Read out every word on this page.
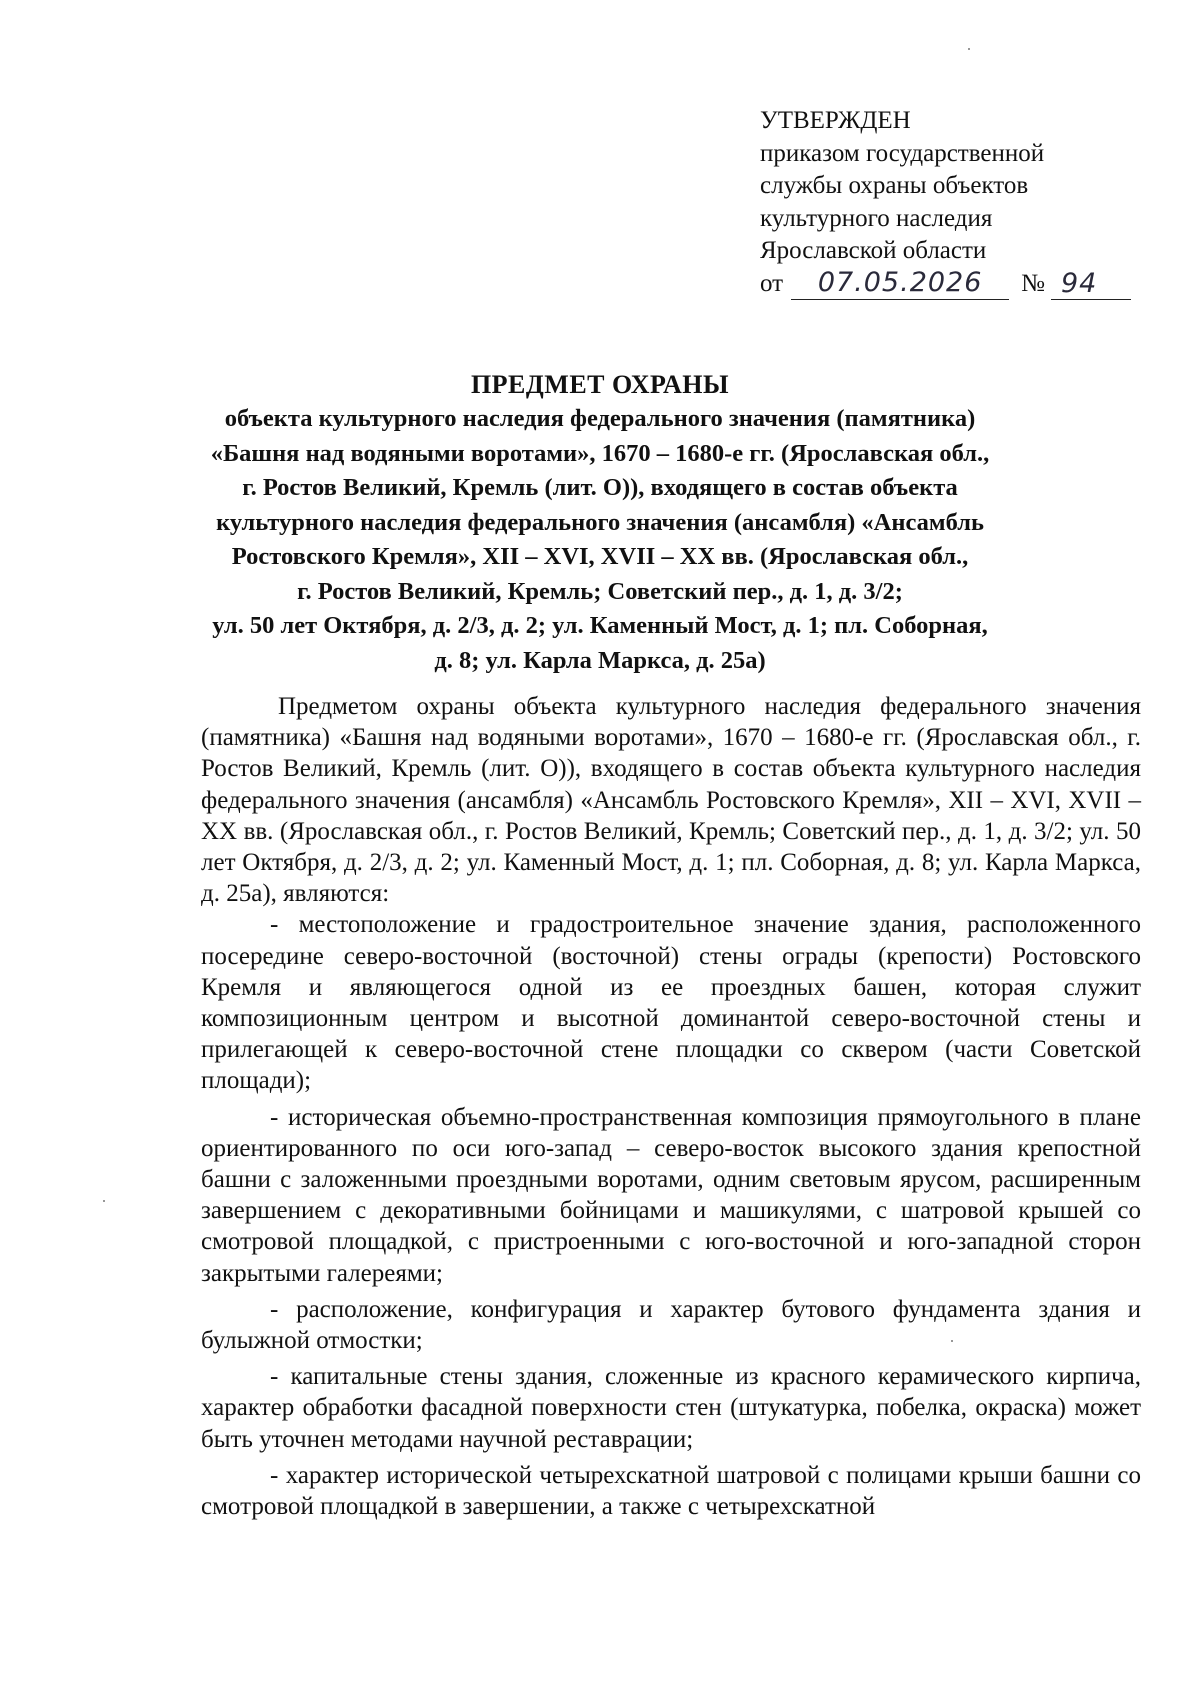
УТВЕРЖДЕН
приказом государственной
службы охраны объектов
культурного наследия
Ярославской области
от 07.05.2026 № 94
ПРЕДМЕТ ОХРАНЫ
объекта культурного наследия федерального значения (памятника)
«Башня над водяными воротами», 1670 – 1680-е гг. (Ярославская обл.,
г. Ростов Великий, Кремль (лит. О)), входящего в состав объекта
культурного наследия федерального значения (ансамбля) «Ансамбль
Ростовского Кремля», XII – XVI, XVII – XX вв. (Ярославская обл.,
г. Ростов Великий, Кремль; Советский пер., д. 1, д. 3/2;
ул. 50 лет Октября, д. 2/3, д. 2; ул. Каменный Мост, д. 1; пл. Соборная,
д. 8; ул. Карла Маркса, д. 25а)

Предметом охраны объекта культурного наследия федерального значения (памятника) «Башня над водяными воротами», 1670 – 1680-е гг. (Ярославская обл., г. Ростов Великий, Кремль (лит. О)), входящего в состав объекта культурного наследия федерального значения (ансамбля) «Ансамбль Ростовского Кремля», XII – XVI, XVII – XX вв. (Ярославская обл., г. Ростов Великий, Кремль; Советский пер., д. 1, д. 3/2; ул. 50 лет Октября, д. 2/3, д. 2; ул. Каменный Мост, д. 1; пл. Соборная, д. 8; ул. Карла Маркса, д. 25а), являются:

- местоположение и градостроительное значение здания, расположенного посередине северо-восточной (восточной) стены ограды (крепости) Ростовского Кремля и являющегося одной из ее проездных башен, которая служит композиционным центром и высотной доминантой северо-восточной стены и прилегающей к северо-восточной стене площадки со сквером (части Советской площади);

- историческая объемно-пространственная композиция прямоугольного в плане ориентированного по оси юго-запад – северо-восток высокого здания крепостной башни с заложенными проездными воротами, одним световым ярусом, расширенным завершением с декоративными бойницами и машикулями, с шатровой крышей со смотровой площадкой, с пристроенными с юго-восточной и юго-западной сторон закрытыми галереями;

- расположение, конфигурация и характер бутового фундамента здания и булыжной отмостки;

- капитальные стены здания, сложенные из красного керамического кирпича, характер обработки фасадной поверхности стен (штукатурка, побелка, окраска) может быть уточнен методами научной реставрации;

- характер исторической четырехскатной шатровой с полицами крыши башни со смотровой площадкой в завершении, а также с четырехскатной
